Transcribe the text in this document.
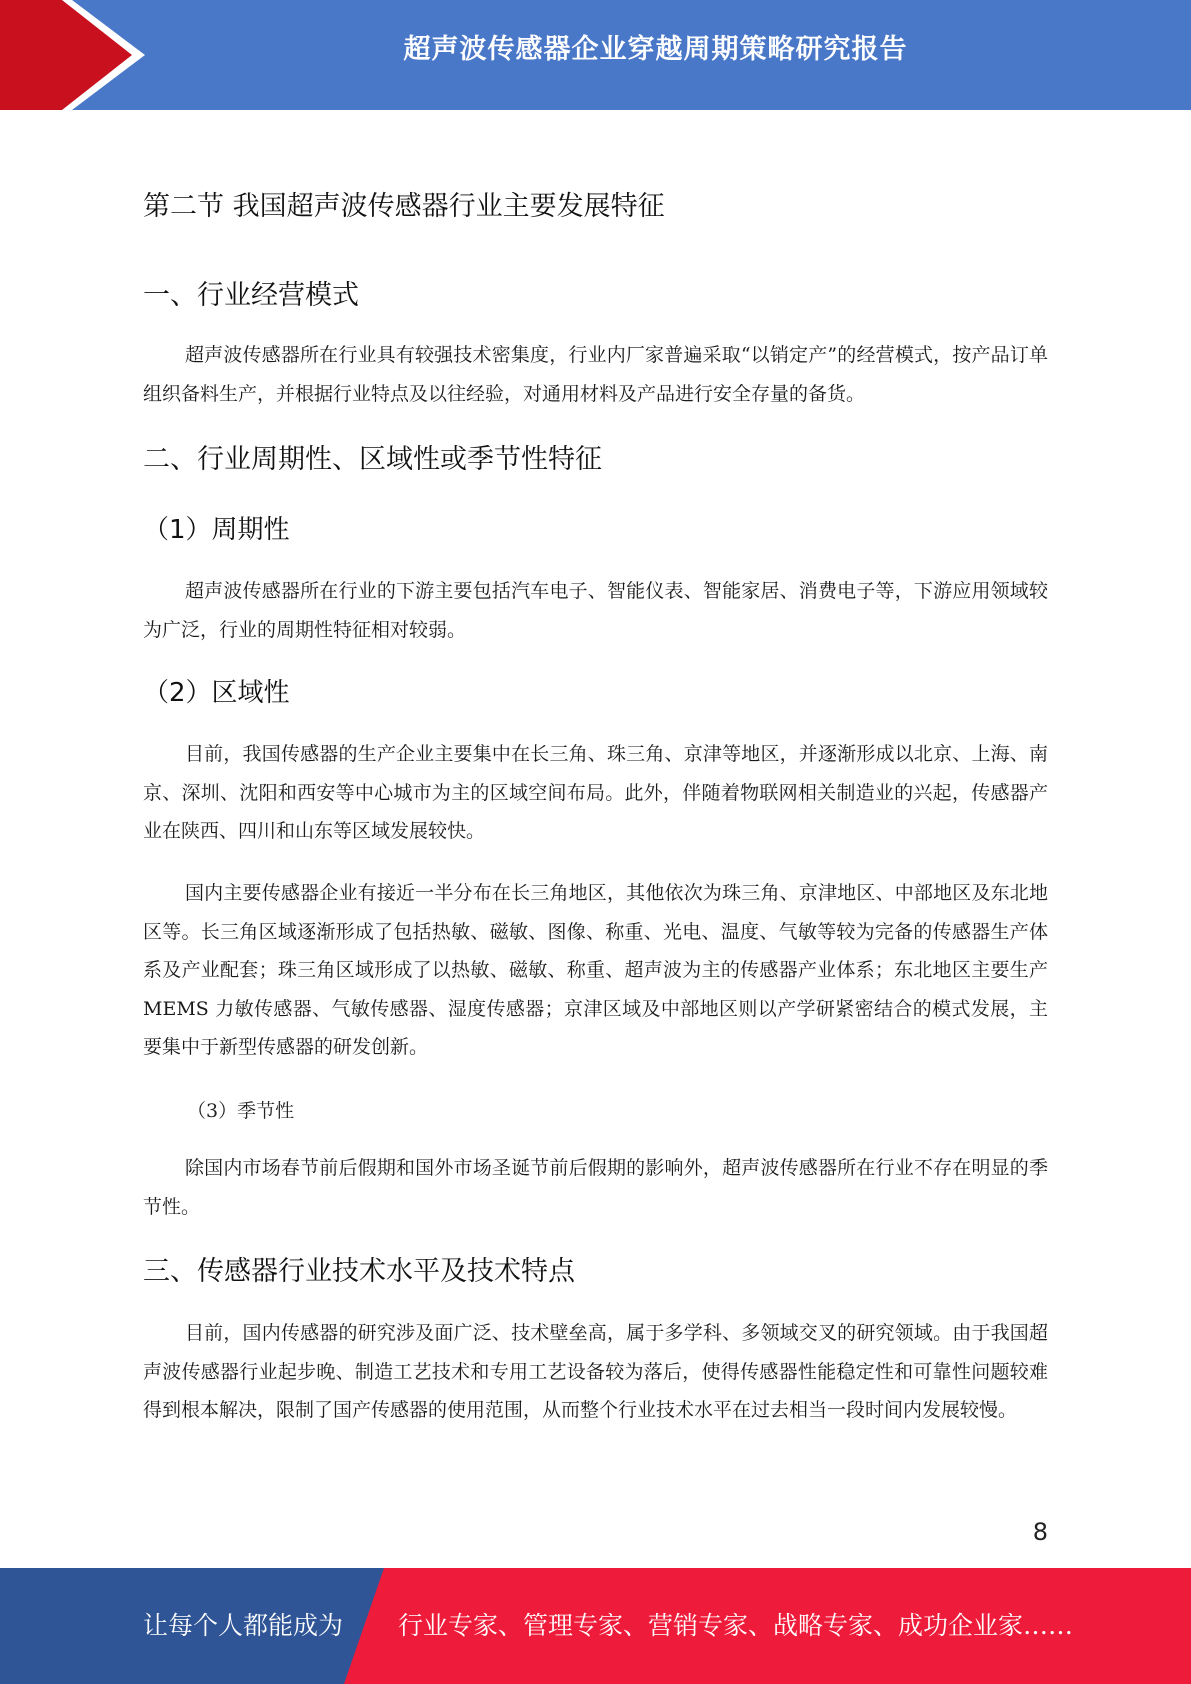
超声波传感器企业穿越周期策略研究报告
第二节 我国超声波传感器行业主要发展特征
一、行业经营模式
超声波传感器所在行业具有较强技术密集度，行业内厂家普遍采取“以销定产”的经营模式，按产品订单组织备料生产，并根据行业特点及以往经验，对通用材料及产品进行安全存量的备货。
二、行业周期性、区域性或季节性特征
（1）周期性
超声波传感器所在行业的下游主要包括汽车电子、智能仪表、智能家居、消费电子等，下游应用领域较为广泛，行业的周期性特征相对较弱。
（2）区域性
目前，我国传感器的生产企业主要集中在长三角、珠三角、京津等地区，并逐渐形成以北京、上海、南京、深圳、沈阳和西安等中心城市为主的区域空间布局。此外，伴随着物联网相关制造业的兴起，传感器产业在陕西、四川和山东等区域发展较快。
国内主要传感器企业有接近一半分布在长三角地区，其他依次为珠三角、京津地区、中部地区及东北地区等。长三角区域逐渐形成了包括热敏、磁敏、图像、称重、光电、温度、气敏等较为完备的传感器生产体系及产业配套；珠三角区域形成了以热敏、磁敏、称重、超声波为主的传感器产业体系；东北地区主要生产 MEMS 力敏传感器、气敏传感器、湿度传感器；京津区域及中部地区则以产学研紧密结合的模式发展，主要集中于新型传感器的研发创新。
（3）季节性
除国内市场春节前后假期和国外市场圣诞节前后假期的影响外，超声波传感器所在行业不存在明显的季节性。
三、传感器行业技术水平及技术特点
目前，国内传感器的研究涉及面广泛、技术壁垒高，属于多学科、多领域交叉的研究领域。由于我国超声波传感器行业起步晚、制造工艺技术和专用工艺设备较为落后，使得传感器性能稳定性和可靠性问题较难得到根本解决，限制了国产传感器的使用范围，从而整个行业技术水平在过去相当一段时间内发展较慢。
8
让每个人都能成为 行业专家、管理专家、营销专家、战略专家、成功企业家……
